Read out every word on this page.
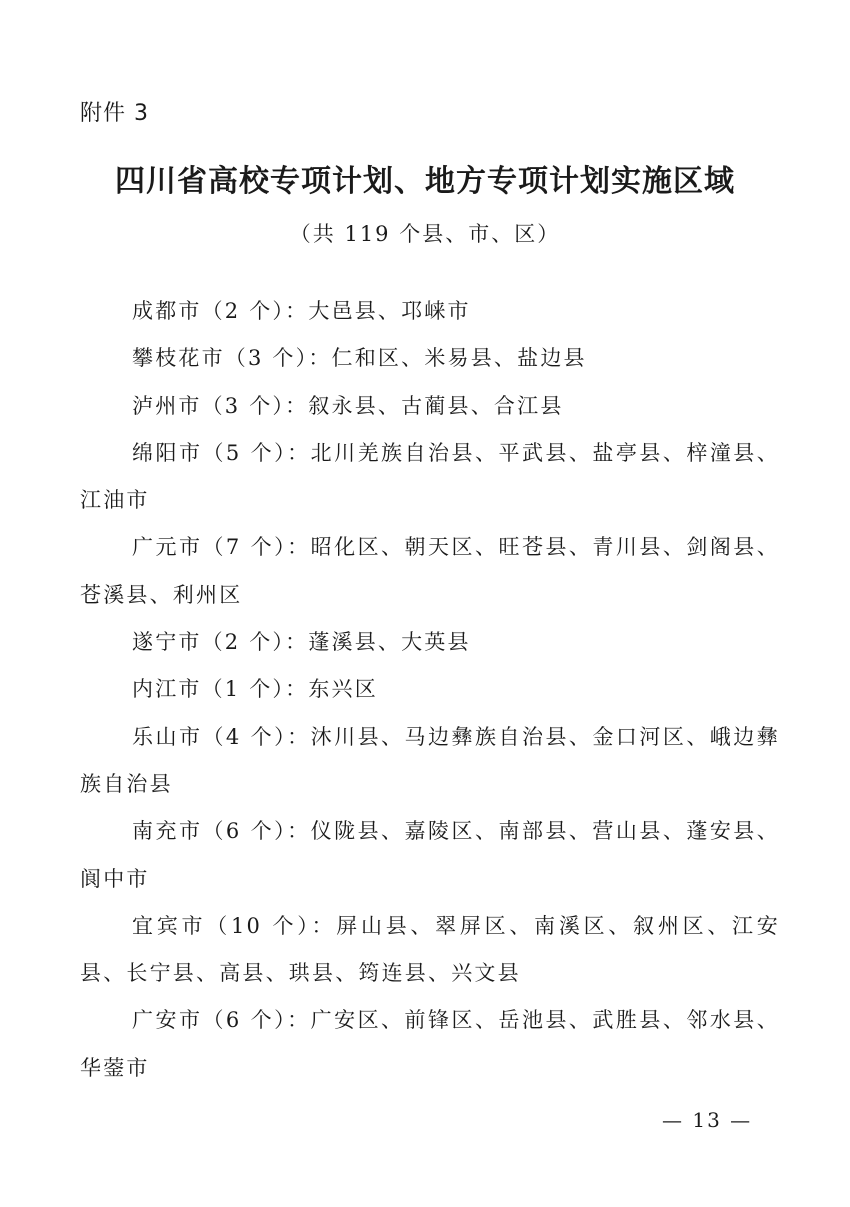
附件 3
四川省高校专项计划、地方专项计划实施区域
（共 119 个县、市、区）

成都市（2 个）：大邑县、邛崃市

攀枝花市（3 个）：仁和区、米易县、盐边县

泸州市（3 个）：叙永县、古蔺县、合江县

绵阳市（5 个）：北川羌族自治县、平武县、盐亭县、梓潼县、江油市

广元市（7 个）：昭化区、朝天区、旺苍县、青川县、剑阁县、苍溪县、利州区

遂宁市（2 个）：蓬溪县、大英县

内江市（1 个）：东兴区

乐山市（4 个）：沐川县、马边彝族自治县、金口河区、峨边彝族自治县

南充市（6 个）：仪陇县、嘉陵区、南部县、营山县、蓬安县、阆中市

宜宾市（10 个）：屏山县、翠屏区、南溪区、叙州区、江安县、长宁县、高县、珙县、筠连县、兴文县

广安市（6 个）：广安区、前锋区、岳池县、武胜县、邻水县、华蓥市

— 13 —
